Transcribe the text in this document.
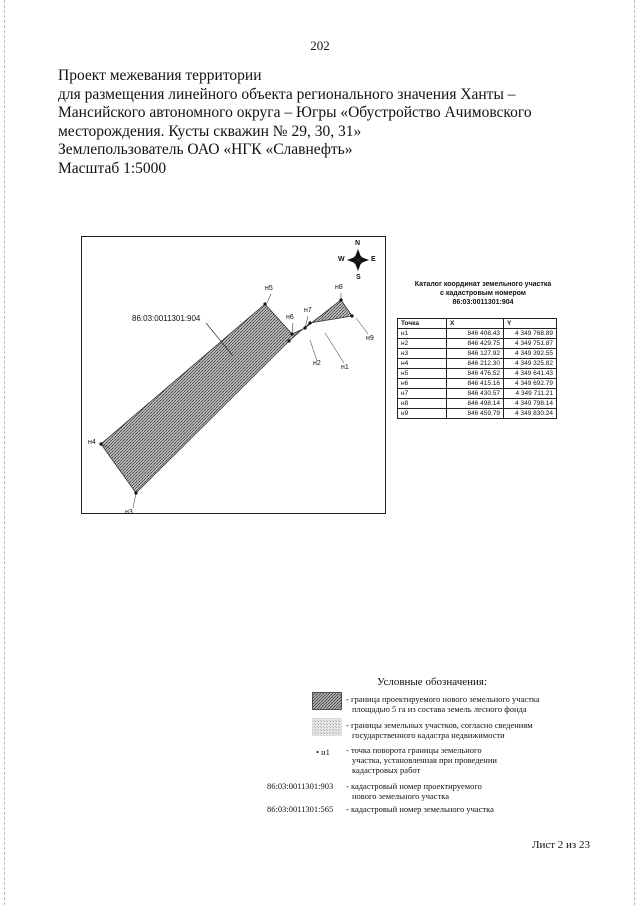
202
Проект межевания территории
для размещения линейного объекта регионального значения Ханты –
Мансийского автономного округа – Югры «Обустройство Ачимовского
месторождения. Кусты скважин № 29, 30, 31»
Землепользователь ОАО «НГК «Славнефть»
Масштаб 1:5000
N
S
E
W
86:03:0011301:904
н5
н6
н7
н8
н9
н1
н2
н4
н3
Каталог координат земельного участка
с кадастровым номером
86:03:0011301:904
Точка	X	Y
н1	846 408.43	4 349 768.89
н2	846 429.75	4 349 751.87
н3	846 127.92	4 349 392.55
н4	846 212.30	4 349 325.82
н5	846 476.52	4 349 641.43
н6	846 415.16	4 349 692.79
н7	846 430.57	4 349 711.21
н8	846 498.14	4 349 798.14
н9	846 459.79	4 349 830.24
Условные обозначения:
- граница проектируемого нового земельного участка
площадью 5 га из состава земель лесного фонда
- границы земельных участков, согласно сведениям
государственного кадастра недвижимости
• н1 - точка поворота границы земельного
участка, установленная при проведении
кадастровых работ
86:03:0011301:903 - кадастровый номер проектируемого
нового земельного участка
86:03:0011301:565 - кадастровый номер земельного участка
Лист 2 из 23
